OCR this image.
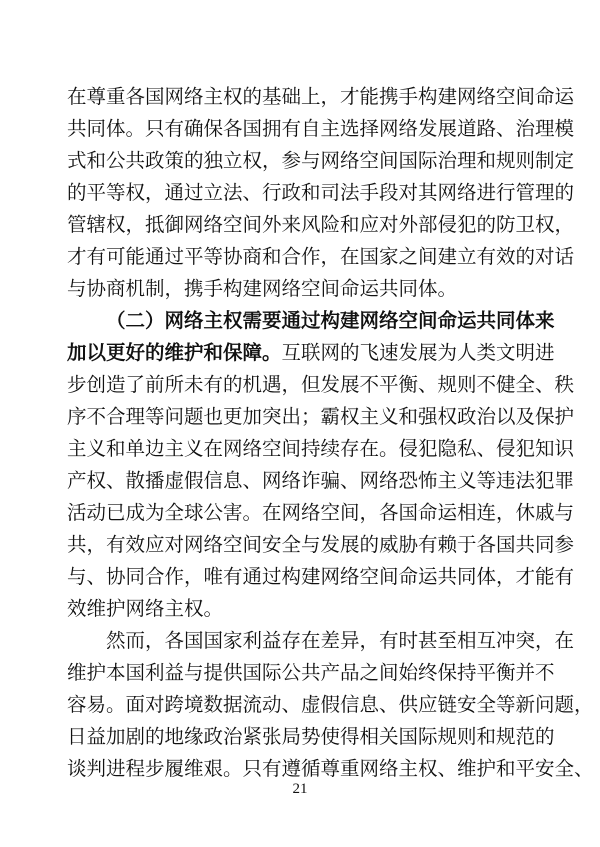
在尊重各国网络主权的基础上，才能携手构建网络空间命运
共同体。只有确保各国拥有自主选择网络发展道路、治理模
式和公共政策的独立权，参与网络空间国际治理和规则制定
的平等权，通过立法、行政和司法手段对其网络进行管理的
管辖权，抵御网络空间外来风险和应对外部侵犯的防卫权，
才有可能通过平等协商和合作，在国家之间建立有效的对话
与协商机制，携手构建网络空间命运共同体。
（二）网络主权需要通过构建网络空间命运共同体来
加以更好的维护和保障。互联网的飞速发展为人类文明进
步创造了前所未有的机遇，但发展不平衡、规则不健全、秩
序不合理等问题也更加突出；霸权主义和强权政治以及保护
主义和单边主义在网络空间持续存在。侵犯隐私、侵犯知识
产权、散播虚假信息、网络诈骗、网络恐怖主义等违法犯罪
活动已成为全球公害。在网络空间，各国命运相连，休戚与
共，有效应对网络空间安全与发展的威胁有赖于各国共同参
与、协同合作，唯有通过构建网络空间命运共同体，才能有
效维护网络主权。
然而，各国国家利益存在差异，有时甚至相互冲突，在
维护本国利益与提供国际公共产品之间始终保持平衡并不
容易。面对跨境数据流动、虚假信息、供应链安全等新问题，
日益加剧的地缘政治紧张局势使得相关国际规则和规范的
谈判进程步履维艰。只有遵循尊重网络主权、维护和平安全、
21
